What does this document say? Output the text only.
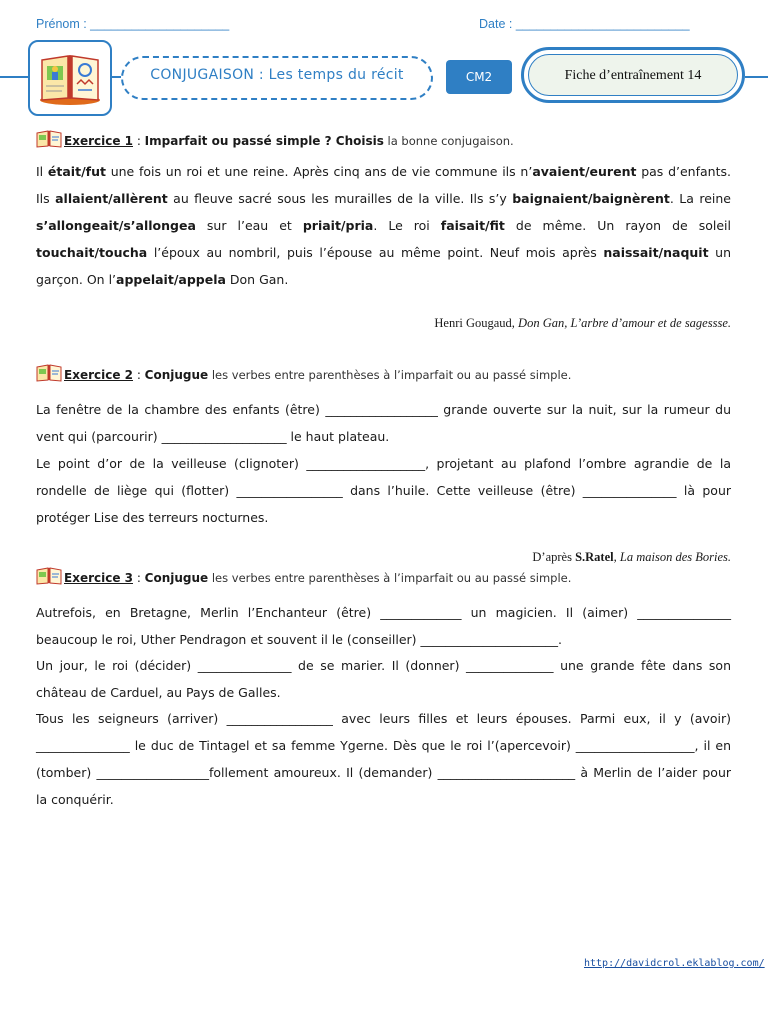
Prénom : ____________________	Date : _________________________
CONJUGAISON : Les temps du récit	CM2	Fiche d’entraînement 14
Exercice 1 : Imparfait ou passé simple ? Choisis la bonne conjugaison.
Il était/fut une fois un roi et une reine. Après cinq ans de vie commune ils n’avaient/eurent pas d’enfants. Ils allaient/allèrent au fleuve sacré sous les murailles de la ville. Ils s’y baignaient/baignèrent. La reine s’allongeait/s’allongea sur l’eau et priait/pria. Le roi faisait/fit de même. Un rayon de soleil touchait/toucha l’époux au nombril, puis l’épouse au même point. Neuf mois après naissait/naquit un garçon. On l’appelait/appela Don Gan.
Henri Gougaud, Don Gan, L’arbre d’amour et de sagessse.
Exercice 2 : Conjugue les verbes entre parenthèses à l’imparfait ou au passé simple.
La fenêtre de la chambre des enfants (être) __________________ grande ouverte sur la nuit, sur la rumeur du vent qui (parcourir) ____________________ le haut plateau.
Le point d’or de la veilleuse (clignoter) ___________________, projetant au plafond l’ombre agrandie de la rondelle de liège qui (flotter) _________________ dans l’huile. Cette veilleuse (être) _______________ là pour protéger Lise des terreurs nocturnes.
D’après S.Ratel, La maison des Bories.
Exercice 3 : Conjugue les verbes entre parenthèses à l’imparfait ou au passé simple.
Autrefois, en Bretagne, Merlin l’Enchanteur (être) _____________ un magicien. Il (aimer) _______________ beaucoup le roi, Uther Pendragon et souvent il le (conseiller) ______________________.
Un jour, le roi (décider) _______________ de se marier. Il (donner) ______________ une grande fête dans son château de Carduel, au Pays de Galles.
Tous les seigneurs (arriver) _________________ avec leurs filles et leurs épouses. Parmi eux, il y (avoir) _______________ le duc de Tintagel et sa femme Ygerne. Dès que le roi l’(apercevoir) ___________________, il en (tomber) __________________follement amoureux. Il (demander) ______________________ à Merlin de l’aider pour la conquérir.
http://davidcrol.eklablog.com/
